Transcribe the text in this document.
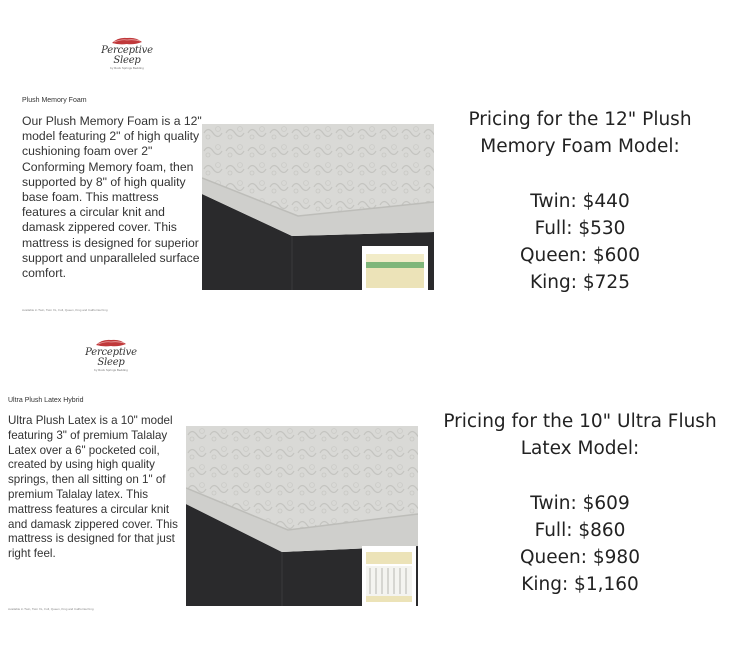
Perceptive
Sleep
by Rock Springs Bedding
Plush Memory Foam

Our Plush Memory Foam is a 12" model featuring 2" of high quality cushioning foam over 2" Conforming Memory foam, then supported by 8" of high quality base foam. This mattress features a circular knit and damask zippered cover. This mattress is designed for superior support and unparalleled surface comfort.

Available in Twin, Twin XL, Full, Queen, King and California King
Pricing for the 12" Plush
Memory Foam Model:
Twin: $440
Full: $530
Queen: $600
King: $725
Perceptive
Sleep
by Rock Springs Bedding
Ultra Plush Latex Hybrid

Ultra Plush Latex is a 10" model featuring 3" of premium Talalay Latex over a 6" pocketed coil, created by using high quality springs, then all sitting on 1" of premium Talalay latex. This mattress features a circular knit and damask zippered cover. This mattress is designed for that just right feel.

Available in Twin, Twin XL, Full, Queen, King and California King
Pricing for the 10" Ultra Flush
Latex Model:
Twin: $609
Full: $860
Queen: $980
King: $1,160
